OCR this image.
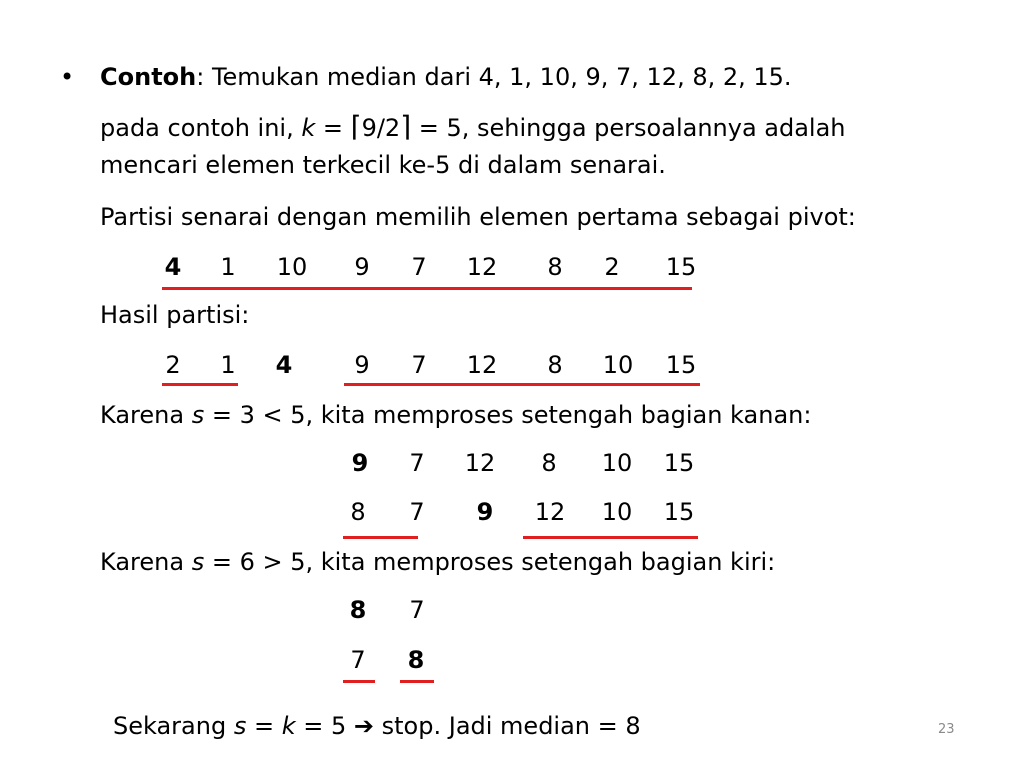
• Contoh: Temukan median dari 4, 1, 10, 9, 7, 12, 8, 2, 15.
pada contoh ini, k = ⌈9/2⌉ = 5, sehingga persoalannya adalah
mencari elemen terkecil ke-5 di dalam senarai.
Partisi senarai dengan memilih elemen pertama sebagai pivot:
4 1 10 9 7 12 8 2 15
Hasil partisi:
2 1 4	9 7 12 8 10 15
Karena s = 3 < 5, kita memproses setengah bagian kanan:
9 7 12 8 10 15
8 7 9 12 10 15
Karena s = 6 > 5, kita memproses setengah bagian kiri:
8 7
7 8
Sekarang s = k = 5 ➔ stop. Jadi median = 8	23
